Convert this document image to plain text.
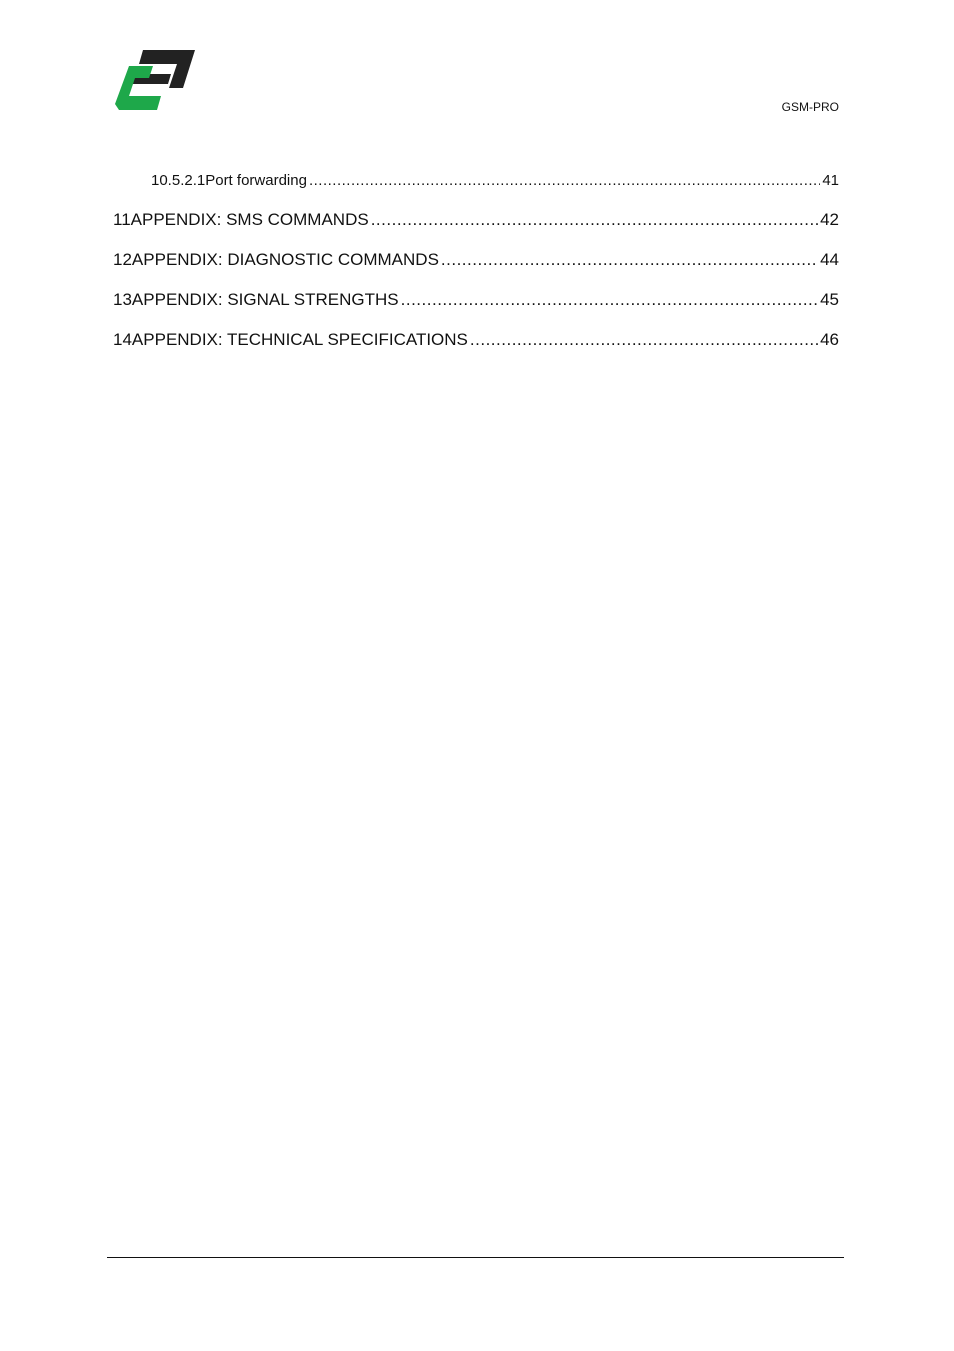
GSM-PRO
10.5.2.1 Port forwarding .....	41
11 APPENDIX: SMS COMMANDS .....	42
12 APPENDIX: DIAGNOSTIC COMMANDS .....	44
13 APPENDIX: SIGNAL STRENGTHS .....	45
14 APPENDIX: TECHNICAL SPECIFICATIONS .....	46
